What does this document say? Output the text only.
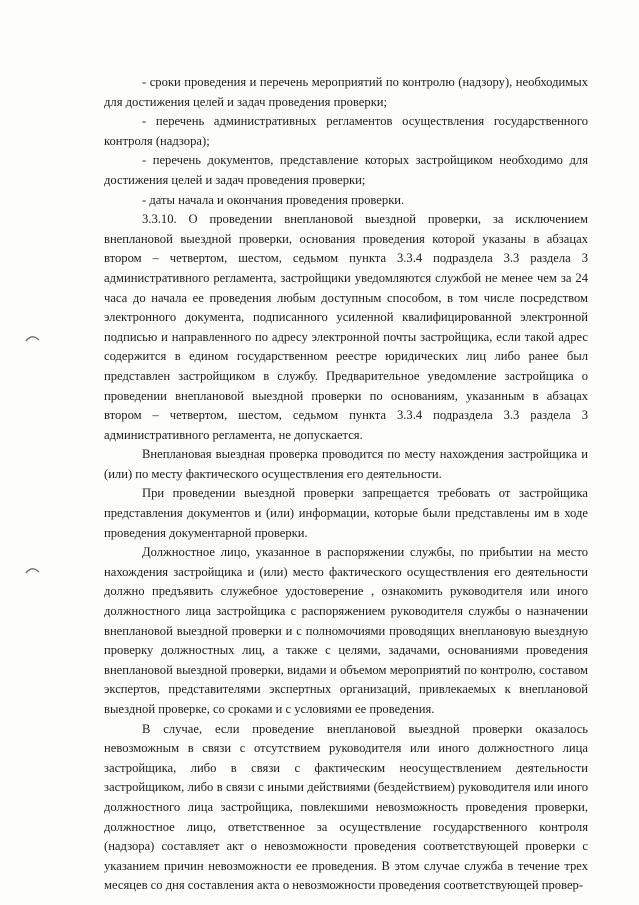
- сроки проведения и перечень мероприятий по контролю (надзору), необходимых для достижения целей и задач проведения проверки;

- перечень административных регламентов осуществления государственного контроля (надзора);

- перечень документов, представление которых застройщиком необходимо для достижения целей и задач проведения проверки;

- даты начала и окончания проведения проверки.

3.3.10. О проведении внеплановой выездной проверки, за исключением внеплановой выездной проверки, основания проведения которой указаны в абзацах втором – четвертом, шестом, седьмом пункта 3.3.4 подраздела 3.3 раздела 3 административного регламента, застройщики уведомляются службой не менее чем за 24 часа до начала ее проведения любым доступным способом, в том числе посредством электронного документа, подписанного усиленной квалифицированной электронной подписью и направленного по адресу электронной почты застройщика, если такой адрес содержится в едином государственном реестре юридических лиц либо ранее был представлен застройщиком в службу. Предварительное уведомление застройщика о проведении внеплановой выездной проверки по основаниям, указанным в абзацах втором – четвертом, шестом, седьмом пункта 3.3.4 подраздела 3.3 раздела 3 административного регламента, не допускается.

Внеплановая выездная проверка проводится по месту нахождения застройщика и (или) по месту фактического осуществления его деятельности.

При проведении выездной проверки запрещается требовать от застройщика представления документов и (или) информации, которые были представлены им в ходе проведения документарной проверки.

Должностное лицо, указанное в распоряжении службы, по прибытии на место нахождения застройщика и (или) место фактического осуществления его деятельности должно предъявить служебное удостоверение , ознакомить руководителя или иного должностного лица застройщика с распоряжением руководителя службы о назначении внеплановой выездной проверки и с полномочиями проводящих внеплановую выездную проверку должностных лиц, а также с целями, задачами, основаниями проведения внеплановой выездной проверки, видами и объемом мероприятий по контролю, составом экспертов, представителями экспертных организаций, привлекаемых к внеплановой выездной проверке, со сроками и с условиями ее проведения.

В случае, если проведение внеплановой выездной проверки оказалось невозможным в связи с отсутствием руководителя или иного должностного лица застройщика, либо в связи с фактическим неосуществлением деятельности застройщиком, либо в связи с иными действиями (бездействием) руководителя или иного должностного лица застройщика, повлекшими невозможность проведения проверки, должностное лицо, ответственное за осуществление государственного контроля (надзора) составляет акт о невозможности проведения соответствующей проверки с указанием причин невозможности ее проведения. В этом случае служба в течение трех месяцев со дня составления акта о невозможности проведения соответствующей провер-
